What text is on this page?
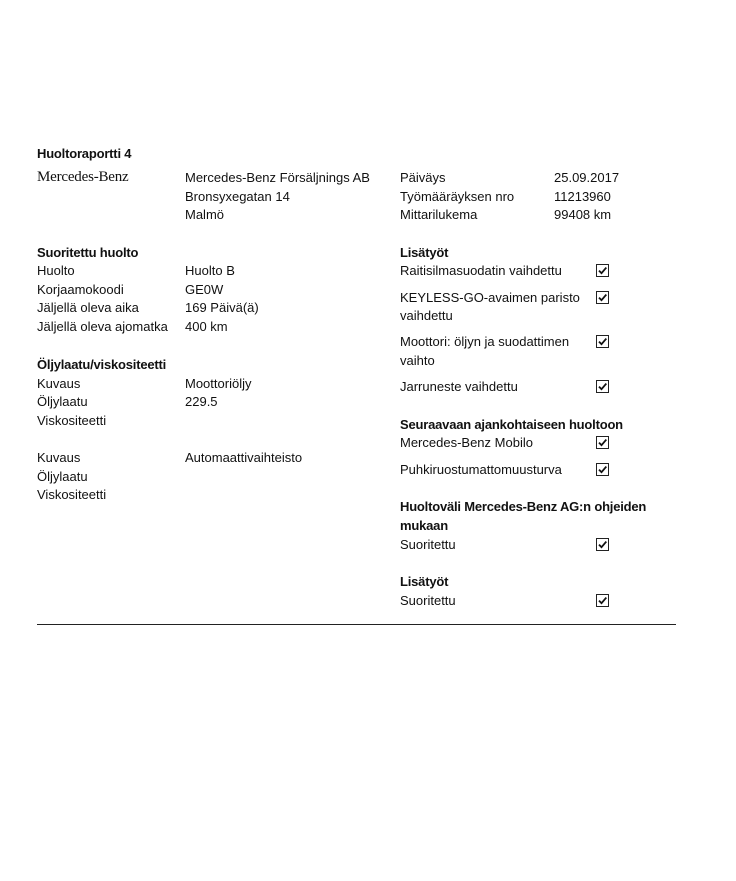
Huoltoraportti 4
Mercedes-Benz	Mercedes-Benz Försäljnings AB
Bronsyxegatan 14
Malmö
Päiväys	25.09.2017
Työmääräyksen nro	11213960
Mittarilukema	99408 km
Suoritettu huolto
Huolto	Huolto B
Korjaamokoodi	GE0W
Jäljellä oleva aika	169 Päivä(ä)
Jäljellä oleva ajomatka 400 km
Öljylaatu/viskositeetti
Kuvaus	Moottoriöljy
Öljylaatu	229.5
Viskositeetti
Kuvaus	Automaattivaihteisto
Öljylaatu
Viskositeetti
Lisätyöt
Raitisilmasuodatin vaihdettu
KEYLESS-GO-avaimen paristo
vaihdettu
Moottori: öljyn ja suodattimen
vaihto
Jarruneste vaihdettu
Seuraavaan ajankohtaiseen huoltoon
Mercedes-Benz Mobilo
Puhkiruostumattomuusturva
Huoltoväli Mercedes-Benz AG:n ohjeiden
mukaan
Suoritettu
Lisätyöt
Suoritettu
